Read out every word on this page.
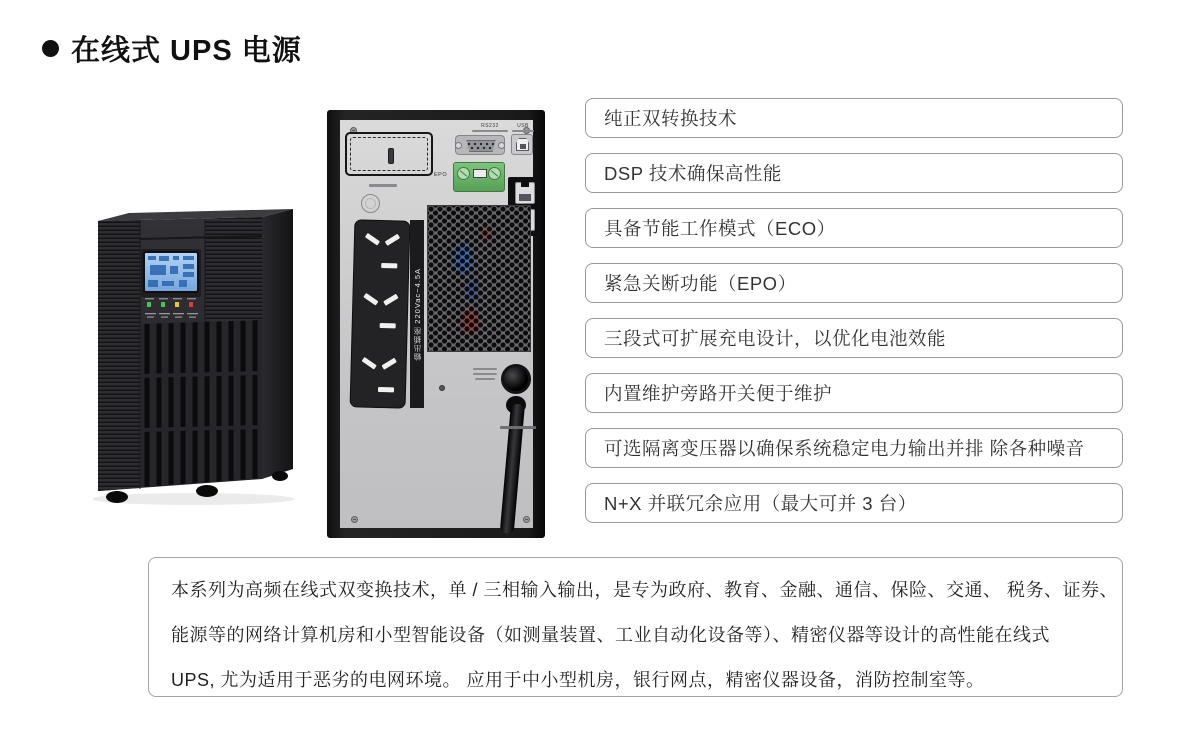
在线式 UPS 电源
RS232	USB
EPO
输出插座 220Vac~4.5A
纯正双转换技术
DSP 技术确保高性能
具备节能工作模式（ECO）
紧急关断功能（EPO）
三段式可扩展充电设计，以优化电池效能
内置维护旁路开关便于维护
可选隔离变压器以确保系统稳定电力输出并排 除各种噪音
N+X 并联冗余应用（最大可并 3 台）
本系列为高频在线式双变换技术，单 / 三相输入输出，是专为政府、教育、金融、通信、保险、交通、 税务、证券、
能源等的网络计算机房和小型智能设备（如测量装置、工业自动化设备等）、精密仪器等设计的高性能在线式
UPS, 尤为适用于恶劣的电网环境。 应用于中小型机房，银行网点，精密仪器设备，消防控制室等。
